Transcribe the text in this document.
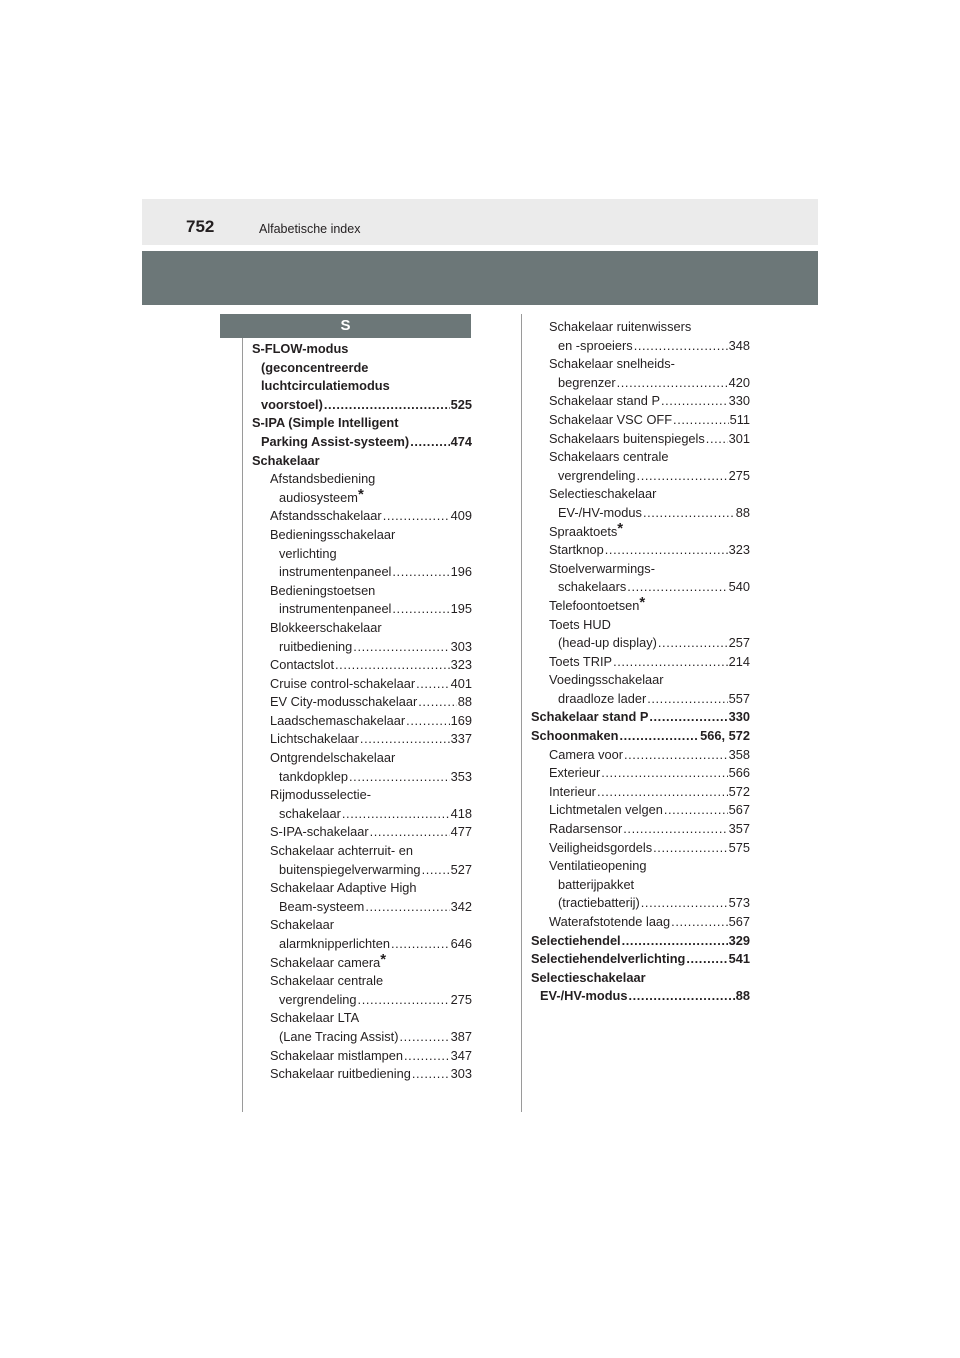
752	Alfabetische index
S
S-FLOW-modus
(geconcentreerde
luchtcirculatiemodus
voorstoel) .....	525
S-IPA (Simple Intelligent
Parking Assist-systeem) .....	474
Schakelaar
Afstandsbediening
audiosysteem*
Afstandsschakelaar .....	409
Bedieningsschakelaar
verlichting
instrumentenpaneel .....	196
Bedieningstoetsen
instrumentenpaneel .....	195
Blokkeerschakelaar
ruitbediening .....	303
Contactslot .....	323
Cruise control-schakelaar .....	401
EV City-modusschakelaar .....	88
Laadschemaschakelaar .....	169
Lichtschakelaar .....	337
Ontgrendelschakelaar
tankdopklep .....	353
Rijmodusselectie-
schakelaar .....	418
S-IPA-schakelaar .....	477
Schakelaar achterruit- en
buitenspiegelverwarming ..... 527
Schakelaar Adaptive High
Beam-systeem .....	342
Schakelaar
alarmknipperlichten .....	646
Schakelaar camera*
Schakelaar centrale
vergrendeling .....	275
Schakelaar LTA
(Lane Tracing Assist) .....	387
Schakelaar mistlampen .....	347
Schakelaar ruitbediening .....	303
Schakelaar ruitenwissers
en -sproeiers .....	348
Schakelaar snelheids-
begrenzer .....	420
Schakelaar stand P .....	330
Schakelaar VSC OFF .....	511
Schakelaars buitenspiegels ..... 301
Schakelaars centrale
vergrendeling .....	275
Selectieschakelaar
EV-/HV-modus .....	88
Spraaktoets*
Startknop .....	323
Stoelverwarmings-
schakelaars .....	540
Telefoontoetsen*
Toets HUD
(head-up display) .....	257
Toets TRIP .....	214
Voedingsschakelaar
draadloze lader .....	557
Schakelaar stand P .....	330
Schoonmaken .....	566, 572
Camera voor .....	358
Exterieur .....	566
Interieur .....	572
Lichtmetalen velgen .....	567
Radarsensor .....	357
Veiligheidsgordels .....	575
Ventilatieopening
batterijpakket
(tractiebatterij) .....	573
Waterafstotende laag .....	567
Selectiehendel .....	329
Selectiehendelverlichting .....	541
Selectieschakelaar
EV-/HV-modus .....	88
